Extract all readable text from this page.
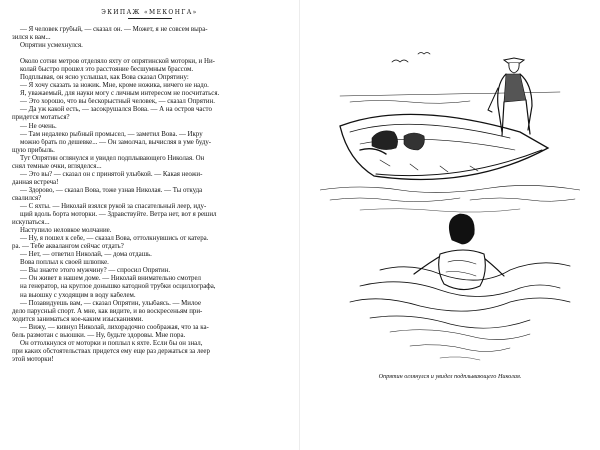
ЭКИПАЖ «МЕКОНГА»

— Я человек грубый, — сказал он. — Может, я не совсем выра-

зился к вам...

Опрятин усмехнулся.

Около сотни метров отделяло яхту от опрятинской моторки, и Ни-

колай быстро прошел это расстояние бесшумным брассом.

Подплывая, он ясно услышал, как Вова сказал Опрятину:

— Я хочу сказать за ножик. Мне, кроме ножика, ничего не надо.

Я, уважаемый, для науки могу с личным интересом не посчитаться.

— Это хорошо, что вы бескорыстный человек, — сказал Опрятин.

— Да уж какой есть, — засокрушался Вова. — А на остров часто

придется мотаться?

— Не очень.

— Там недалеко рыбный промысел, — заметил Вова. — Икру

можно брать по дешевке... — Он замолчал, вычисляя в уме буду-

щую прибыль.

Тут Опрятин оглянулся и увидел подплывающего Николая. Он

снял темные очки, вгляделся...

— Это вы? — сказал он с принятой улыбкой. — Какая неожи-

данная встреча!

— Здорово, — сказал Вова, тоже узнав Николая. — Ты откуда

свалился?

— С яхты. — Николай взялся рукой за спасательный леер, иду-

щий вдоль борта моторки. — Здравствуйте. Ветра нет, вот я решил

искупаться...

Наступило неловкое молчание.

— Ну, я пошел к себе, — сказал Вова, оттолкнувшись от катера.

ра. — Тебе аквалангом сейчас отдать?

— Нет, — ответил Николай, — дома отдашь.

Вова поплыл к своей шлюпке.

— Вы знаете этого мужчину? — спросил Опрятин.

— Он живет в нашем доме. — Николай внимательно смотрел

на генератор, на круглое донышко катодной трубки осциллографа,

на вьюшку с уходящим в воду кабелем.

— Позавидуешь вам, — сказал Опрятин, улыбаясь. — Милое

дело парусный спорт. А мне, как видите, и во воскресеньям при-

ходится заниматься кое-каким изысканиями.

— Вижу, — кивнул Николай, лихорадочно соображая, что за ка-

бель размотан с вьюшки. — Ну, будьте здоровы. Мне пора.

Он оттолкнулся от моторки и поплыл к яхте. Если бы он знал,

при каких обстоятельствах придется ему еще раз держаться за леер

этой моторки!

Опрятин оглянулся и увидел подплывающего Николая.
